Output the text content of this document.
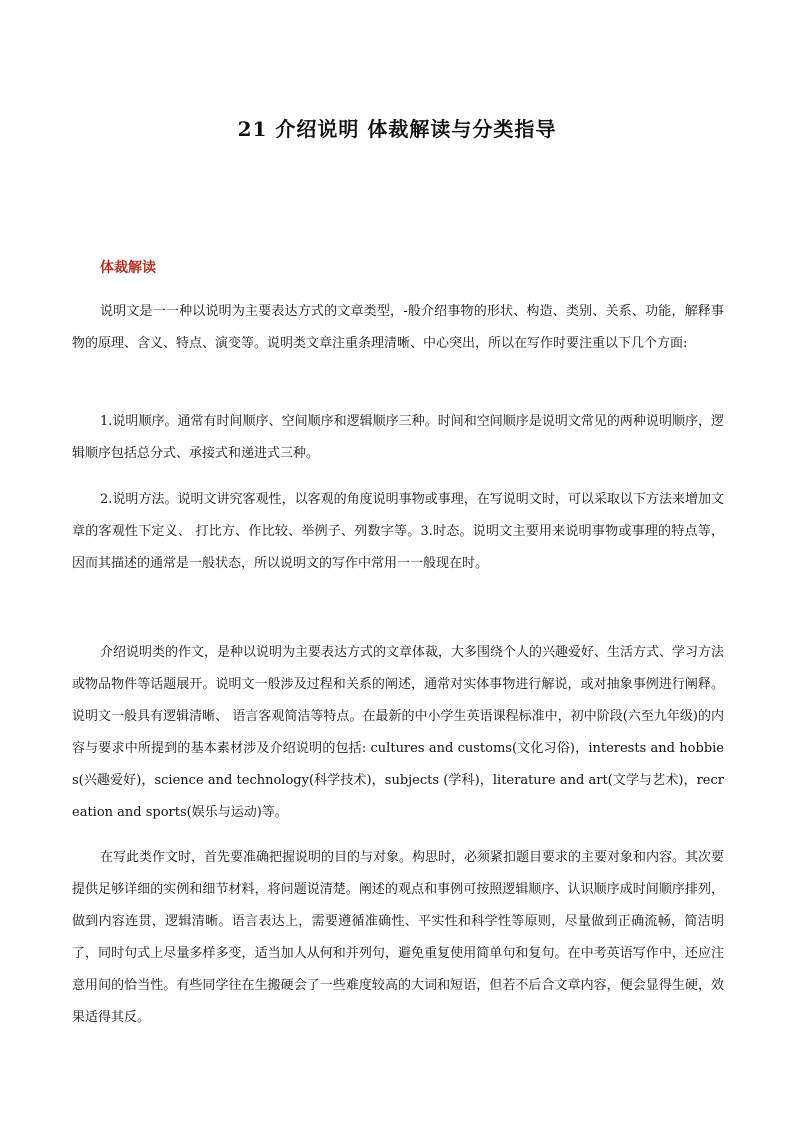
21 介绍说明 体裁解读与分类指导
体裁解读

说明文是一一种以说明为主要表达方式的文章类型，-般介绍事物的形状、构造、类别、关系、功能，解释事物的原理、含义、特点、演变等。说明类文章注重条理清晰、中心突出，所以在写作时要注重以下几个方面:

1.说明顺序。通常有时间顺序、空间顺序和逻辑顺序三种。时间和空间顺序是说明文常见的两种说明顺序，逻辑顺序包括总分式、承接式和递进式三种。

2.说明方法。说明文讲究客观性，以客观的角度说明事物或事理，在写说明文时，可以采取以下方法来增加文章的客观性下定义、 打比方、作比较、举例子、列数字等。3.时态。说明文主要用来说明事物或事理的特点等，因而其描述的通常是一般状态，所以说明文的写作中常用一一般现在时。

介绍说明类的作文，是种以说明为主要表达方式的文章体裁，大多围绕个人的兴趣爱好、生活方式、学习方法或物品物件等话题展开。说明文一般涉及过程和关系的阐述，通常对实体事物进行解说，或对抽象事例进行阐释。说明文一般具有逻辑清晰、 语言客观简洁等特点。在最新的中小学生英语课程标准中，初中阶段(六至九年级)的内容与要求中所提到的基本素材涉及介绍说明的包括: cultures and customs(文化习俗)，interests and hobbies(兴趣爱好)，science and technology(科学技术)，subjects (学科)，literature and art(文学与艺术)，recreation and sports(娱乐与运动)等。

在写此类作文时，首先要准确把握说明的目的与对象。构思时，必须紧扣题目要求的主要对象和内容。其次要提供足够详细的实例和细节材料，将问题说清楚。阐述的观点和事例可按照逻辑顺序、认识顺序成时间顺序排列，做到内容连贯，逻辑清晰。语言表达上，需要遵循准确性、平实性和科学性等原则，尽量做到正确流畅，简洁明了，同时句式上尽量多样多变，适当加人从何和并列句，避免重复使用简单句和复句。在中考英语写作中，还应注意用间的恰当性。有些同学往在生搬硬会了一些难度较高的大词和短语，但若不后合文章内容，便会显得生硬，效果适得其反。
